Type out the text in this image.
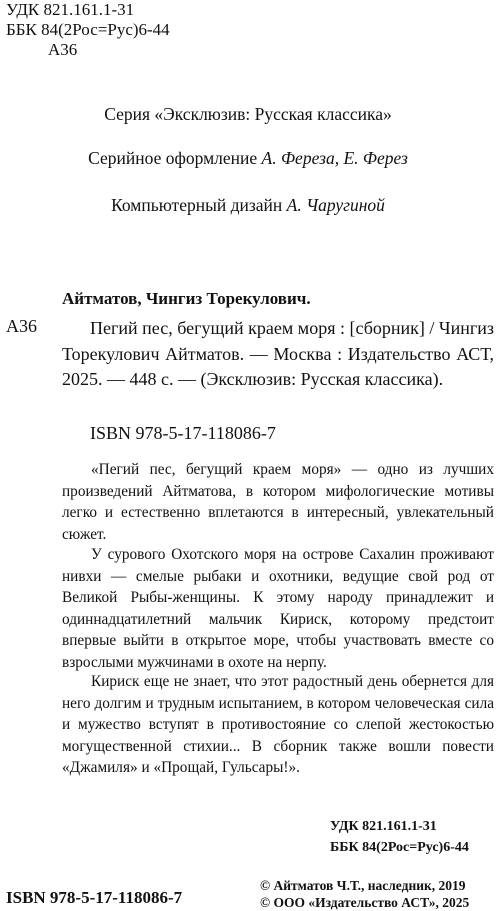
УДК 821.161.1-31
ББК 84(2Рос=Рус)6-44
А36
Серия «Эксклюзив: Русская классика»
Серийное оформление А. Фереза, Е. Ферез
Компьютерный дизайн А. Чаругиной
Айтматов, Чингиз Торекулович.
А36	Пегий пес, бегущий краем моря : [сборник] / Чингиз Торекулович Айтматов. — Москва : Издательство АСТ, 2025. — 448 с. — (Эксклюзив: Русская классика).
ISBN 978-5-17-118086-7
«Пегий пес, бегущий краем моря» — одно из лучших произведений Айтматова, в котором мифологические мотивы легко и естественно вплетаются в интересный, увлекательный сюжет.
У сурового Охотского моря на острове Сахалин проживают нивхи — смелые рыбаки и охотники, ведущие свой род от Великой Рыбы-женщины. К этому народу принадлежит и одиннадцатилетний мальчик Кириск, которому предстоит впервые выйти в открытое море, чтобы участвовать вместе со взрослыми мужчинами в охоте на нерпу.
Кириск еще не знает, что этот радостный день обернется для него долгим и трудным испытанием, в котором человеческая сила и мужество вступят в противостояние со слепой жестокостью могущественной стихии... В сборник также вошли повести «Джамиля» и «Прощай, Гульсары!».
УДК 821.161.1-31
ББК 84(2Рос=Рус)6-44
ISBN 978-5-17-118086-7
© Айтматов Ч.Т., наследник, 2019
© ООО «Издательство АСТ», 2025
